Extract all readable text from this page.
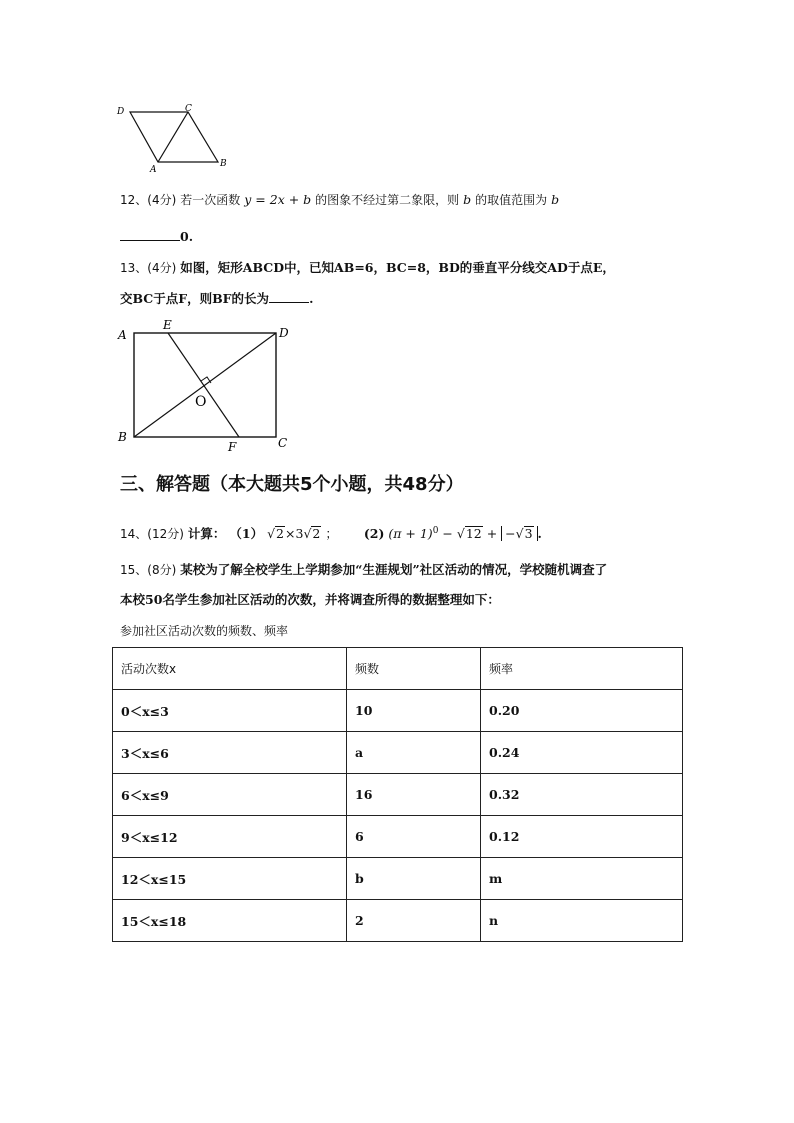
D	C
A
B
12、(4分) 若一次函数 y = 2x + b 的图象不经过第二象限，则 b 的取值范围为 b
0.
13、(4分) 如图，矩形ABCD中，已知AB=6，BC=8，BD的垂直平分线交AD于点E，
交BC于点F，则BF的长为	.
A
E
D
O
B
F	C
三、解答题（本大题共5个小题，共48分）
14、(12分) 计算： （1） √2×3√2 ； (2) $(\pi + 1)^0 - √12 + -√3$ .
15、(8分) 某校为了解全校学生上学期参加“生涯规划”社区活动的情况，学校随机调查了
本校50名学生参加社区活动的次数，并将调查所得的数据整理如下：
参加社区活动次数的频数、频率
活动次数x	频数	频率
0＜x≤3	10	0.20
3＜x≤6	a	0.24
6＜x≤9	16	0.32
9＜x≤12	6	0.12
12＜x≤15	b	m
15＜x≤18	2	n
